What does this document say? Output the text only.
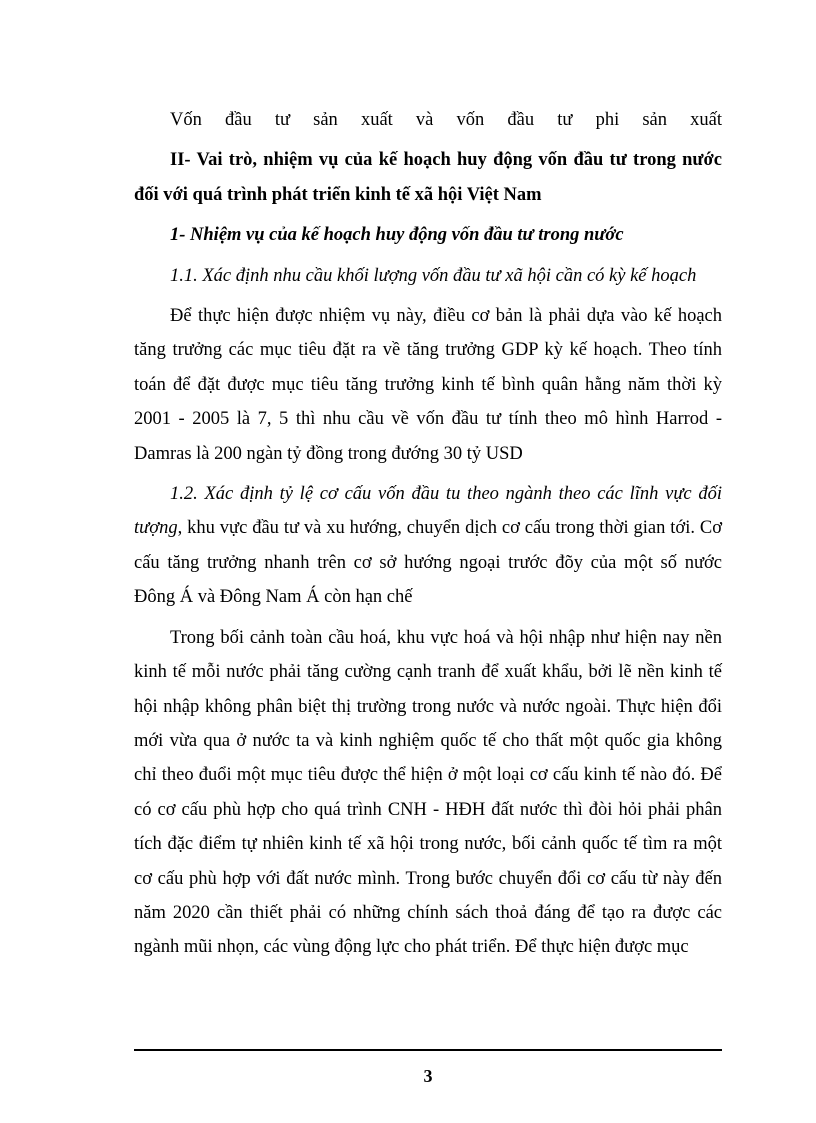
Vốn đầu tư sản xuất và vốn đầu tư phi sản xuất
II- Vai trò, nhiệm vụ của kế hoạch huy động vốn đầu tư trong nước
đối với quá trình phát triển kinh tế xã hội Việt Nam
1- Nhiệm vụ của kế hoạch huy động vốn đầu tư trong nước
1.1. Xác định nhu cầu khối lượng vốn đầu tư xã hội cần có kỳ kế hoạch
Để thực hiện được nhiệm vụ này, điều cơ bản là phải dựa vào kế hoạch
tăng trưởng các mục tiêu đặt ra về tăng trưởng GDP kỳ kế hoạch. Theo tính
toán để đặt được mục tiêu tăng trưởng kinh tế bình quân hằng năm thời kỳ
2001 - 2005 là 7, 5 thì nhu cầu về vốn đầu tư tính theo mô hình Harrod -
Damras là 200 ngàn tỷ đồng trong đướng 30 tỷ USD
1.2. Xác định tỷ lệ cơ cấu vốn đầu tu theo ngành theo các lĩnh vực đối
tượng, khu vực đầu tư và xu hướng, chuyển dịch cơ cấu trong thời gian tới. Cơ
cấu tăng trưởng nhanh trên cơ sở hướng ngoại trước đõy của một số nước
Đông Á và Đông Nam Á còn hạn chế
Trong bối cảnh toàn cầu hoá, khu vực hoá và hội nhập như hiện nay nền
kinh tế mỗi nước phải tăng cường cạnh tranh để xuất khẩu, bởi lẽ nền kinh tế
hội nhập không phân biệt thị trường trong nước và nước ngoài. Thực hiện đổi
mới vừa qua ở nước ta và kinh nghiệm quốc tế cho thất một quốc gia không
chỉ theo đuổi một mục tiêu được thể hiện ở một loại cơ cấu kinh tế nào đó. Để
có cơ cấu phù hợp cho quá trình CNH - HĐH đất nước thì đòi hỏi phải phân
tích đặc điểm tự nhiên kinh tế xã hội trong nước, bối cảnh quốc tế tìm ra một
cơ cấu phù hợp với đất nước mình. Trong bước chuyển đổi cơ cấu từ này đến
năm 2020 cần thiết phải có những chính sách thoả đáng để tạo ra được các
ngành mũi nhọn, các vùng động lực cho phát triển. Để thực hiện được mục
3
